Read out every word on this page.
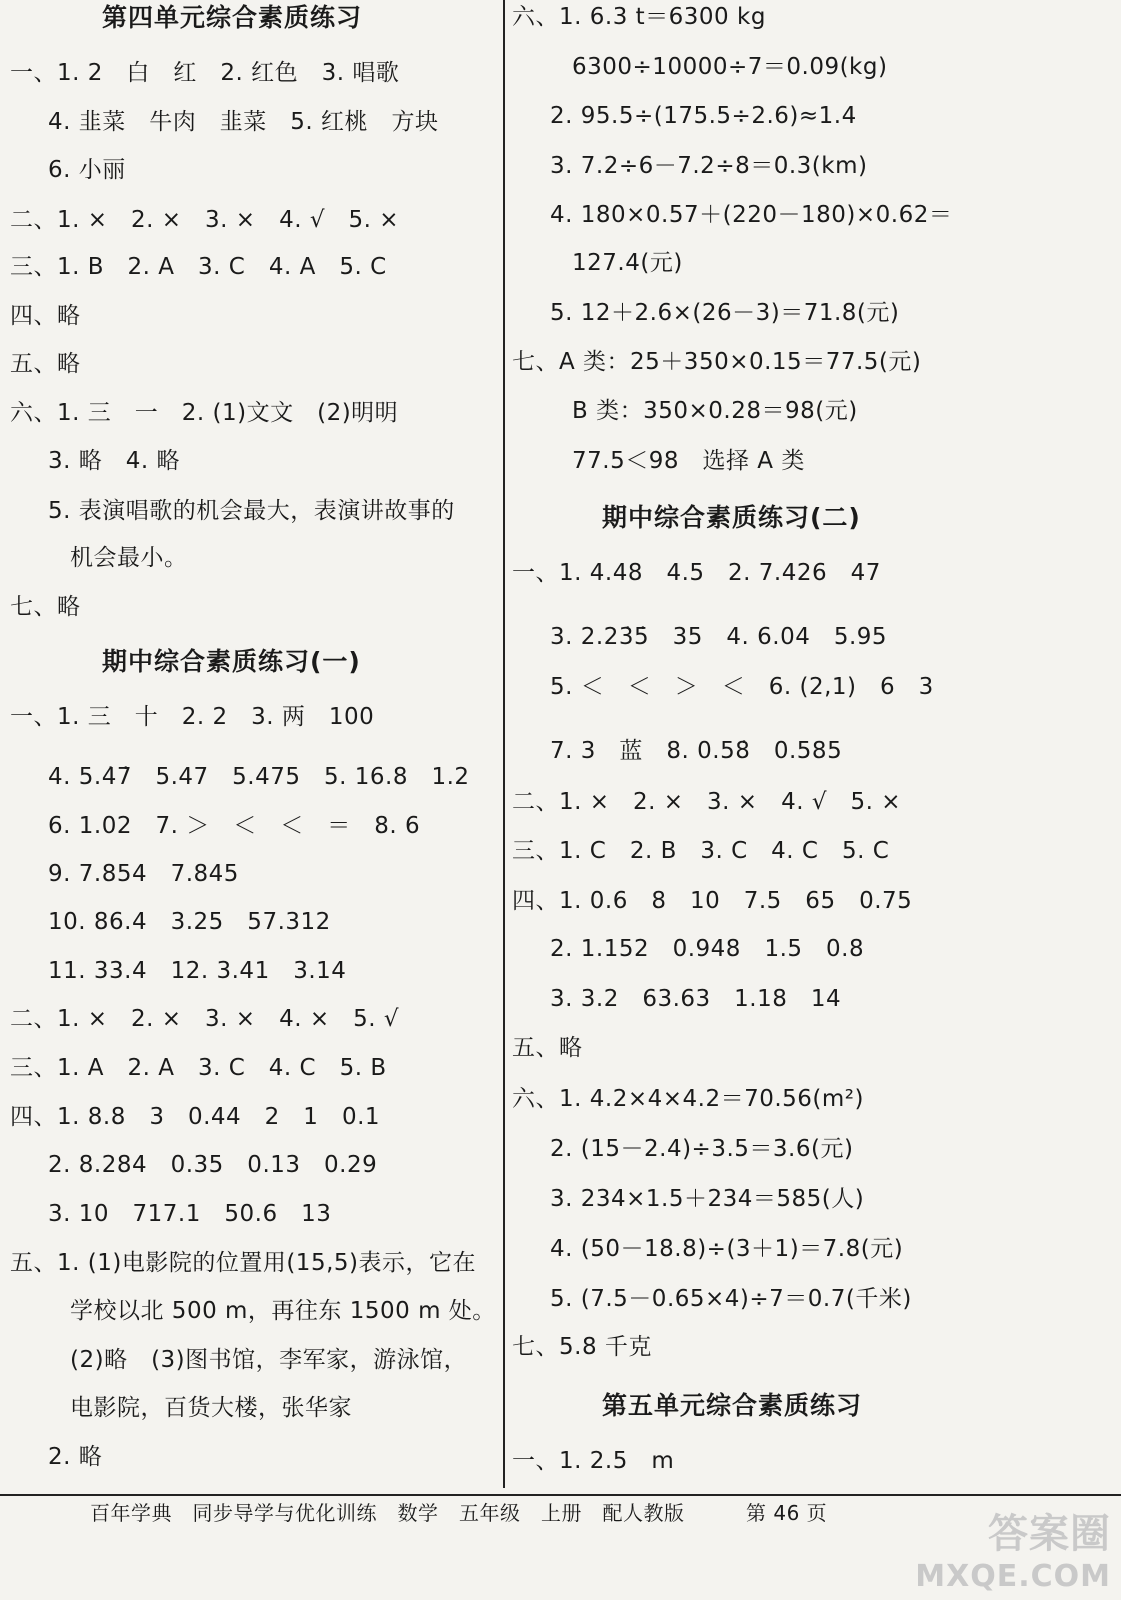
第四单元综合素质练习
一、1. 2　白　红　2. 红色　3. 唱歌
4. 韭菜　牛肉　韭菜　5. 红桃　方块
6. 小丽
二、1. ×　2. ×　3. ×　4. √　5. ×
三、1. B　2. A　3. C　4. A　5. C
四、略
五、略
六、1. 三　一　2. (1)文文　(2)明明
3. 略　4. 略
5. 表演唱歌的机会最大，表演讲故事的
机会最小。
七、略
期中综合素质练习(一)
一、1. 三　十　2. 2　3. 两　100
4. 5.4̇7̇　5.47　5.475　5. 16.8　1.2
6. 1.02　7. ＞　＜　＜　＝　8. 6
9. 7.854　7.845
10. 86.4　3.25　57.312
11. 33.4　12. 3.41　3.14
二、1. ×　2. ×　3. ×　4. ×　5. √
三、1. A　2. A　3. C　4. C　5. B
四、1. 8.8　3　0.44　2　1　0.1
2. 8.284　0.35　0.13　0.29
3. 10　717.1　50.6　13
五、1. (1)电影院的位置用(15,5)表示，它在
学校以北 500 m，再往东 1500 m 处。
(2)略　(3)图书馆，李军家，游泳馆，
电影院，百货大楼，张华家
2. 略
六、1. 6.3 t＝6300 kg
6300÷10000÷7＝0.09(kg)
2. 95.5÷(175.5÷2.6)≈1.4
3. 7.2÷6－7.2÷8＝0.3(km)
4. 180×0.57＋(220－180)×0.62＝
127.4(元)
5. 12＋2.6×(26－3)＝71.8(元)
七、A 类：25＋350×0.15＝77.5(元)
B 类：350×0.28＝98(元)
77.5＜98　选择 A 类
期中综合素质练习(二)
一、1. 4.48　4.5　2. 7.426　47
3. 2.23̇5̇　35　4. 6.04　5.95
5. ＜　＜　＞　＜　6. (2,1)　6　3
7. 3　蓝　8. 0.58̇　0.585
二、1. ×　2. ×　3. ×　4. √　5. ×
三、1. C　2. B　3. C　4. C　5. C
四、1. 0.6　8　10　7.5　65　0.75
2. 1.152　0.948　1.5　0.8
3. 3.2　63.63　1.18　14
五、略
六、1. 4.2×4×4.2＝70.56(m²)
2. (15－2.4)÷3.5＝3.6(元)
3. 234×1.5＋234＝585(人)
4. (50－18.8)÷(3＋1)＝7.8(元)
5. (7.5－0.65×4)÷7＝0.7(千米)
七、5.8 千克
第五单元综合素质练习
一、1. 2.5　m
百年学典　同步导学与优化训练　数学　五年级　上册　配人教版　　　第 46 页	答案圈
MXQE.COM
